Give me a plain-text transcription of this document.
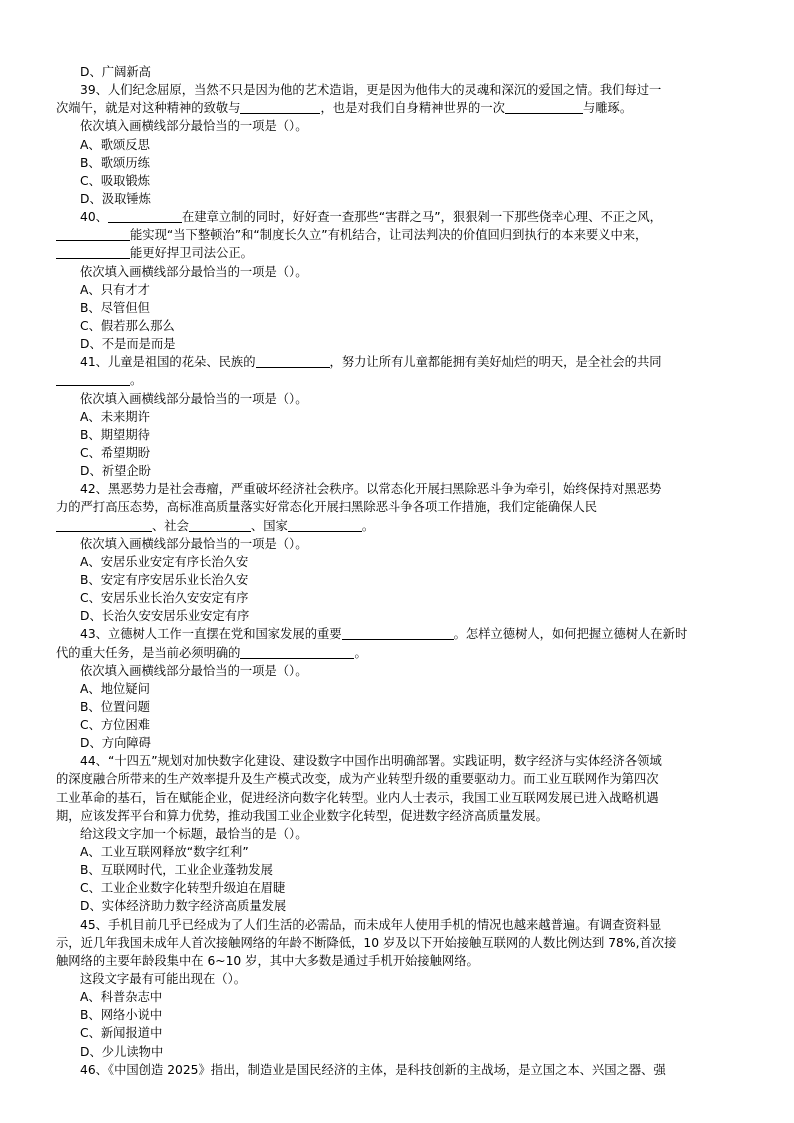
D、广阔新高
39、人们纪念屈原，当然不只是因为他的艺术造诣，更是因为他伟大的灵魂和深沉的爱国之情。我们每过一
次端午，就是对这种精神的致敬与	，也是对我们自身精神世界的一次	与雕琢。
依次填入画横线部分最恰当的一项是（）。
A、歌颂反思
B、歌颂历练
C、吸取锻炼
D、汲取锤炼
40、	在建章立制的同时，好好查一查那些“害群之马”，狠狠剁一下那些侥幸心理、不正之风，
能实现“当下整顿治”和“制度长久立”有机结合，让司法判决的价值回归到执行的本来要义中来，
能更好捍卫司法公正。
依次填入画横线部分最恰当的一项是（）。
A、只有才才
B、尽管但但
C、假若那么那么
D、不是而是而是
41、儿童是祖国的花朵、民族的	，努力让所有儿童都能拥有美好灿烂的明天，是全社会的共同
。
依次填入画横线部分最恰当的一项是（）。
A、未来期许
B、期望期待
C、希望期盼
D、祈望企盼
42、黑恶势力是社会毒瘤，严重破坏经济社会秩序。以常态化开展扫黑除恶斗争为牵引，始终保持对黑恶势
力的严打高压态势，高标准高质量落实好常态化开展扫黑除恶斗争各项工作措施，我们定能确保人民
、社会	、国家	。
依次填入画横线部分最恰当的一项是（）。
A、安居乐业安定有序长治久安
B、安定有序安居乐业长治久安
C、安居乐业长治久安安定有序
D、长治久安安居乐业安定有序
43、立德树人工作一直摆在党和国家发展的重要	。怎样立德树人，如何把握立德树人在新时
代的重大任务，是当前必须明确的	。
依次填入画横线部分最恰当的一项是（）。
A、地位疑问
B、位置问题
C、方位困难
D、方向障碍
44、“十四五”规划对加快数字化建设、建设数字中国作出明确部署。实践证明，数字经济与实体经济各领域
的深度融合所带来的生产效率提升及生产模式改变，成为产业转型升级的重要驱动力。而工业互联网作为第四次
工业革命的基石，旨在赋能企业，促进经济向数字化转型。业内人士表示，我国工业互联网发展已进入战略机遇
期，应该发挥平台和算力优势，推动我国工业企业数字化转型，促进数字经济高质量发展。
给这段文字加一个标题，最恰当的是（）。
A、工业互联网释放“数字红利”
B、互联网时代，工业企业蓬勃发展
C、工业企业数字化转型升级迫在眉睫
D、实体经济助力数字经济高质量发展
45、手机目前几乎已经成为了人们生活的必需品，而未成年人使用手机的情况也越来越普遍。有调查资料显
示，近几年我国未成年人首次接触网络的年龄不断降低，10 岁及以下开始接触互联网的人数比例达到 78%,首次接
触网络的主要年龄段集中在 6~10 岁，其中大多数是通过手机开始接触网络。
这段文字最有可能出现在（）。
A、科普杂志中
B、网络小说中
C、新闻报道中
D、少儿读物中
46、《中国创造 2025》指出，制造业是国民经济的主体，是科技创新的主战场，是立国之本、兴国之器、强
